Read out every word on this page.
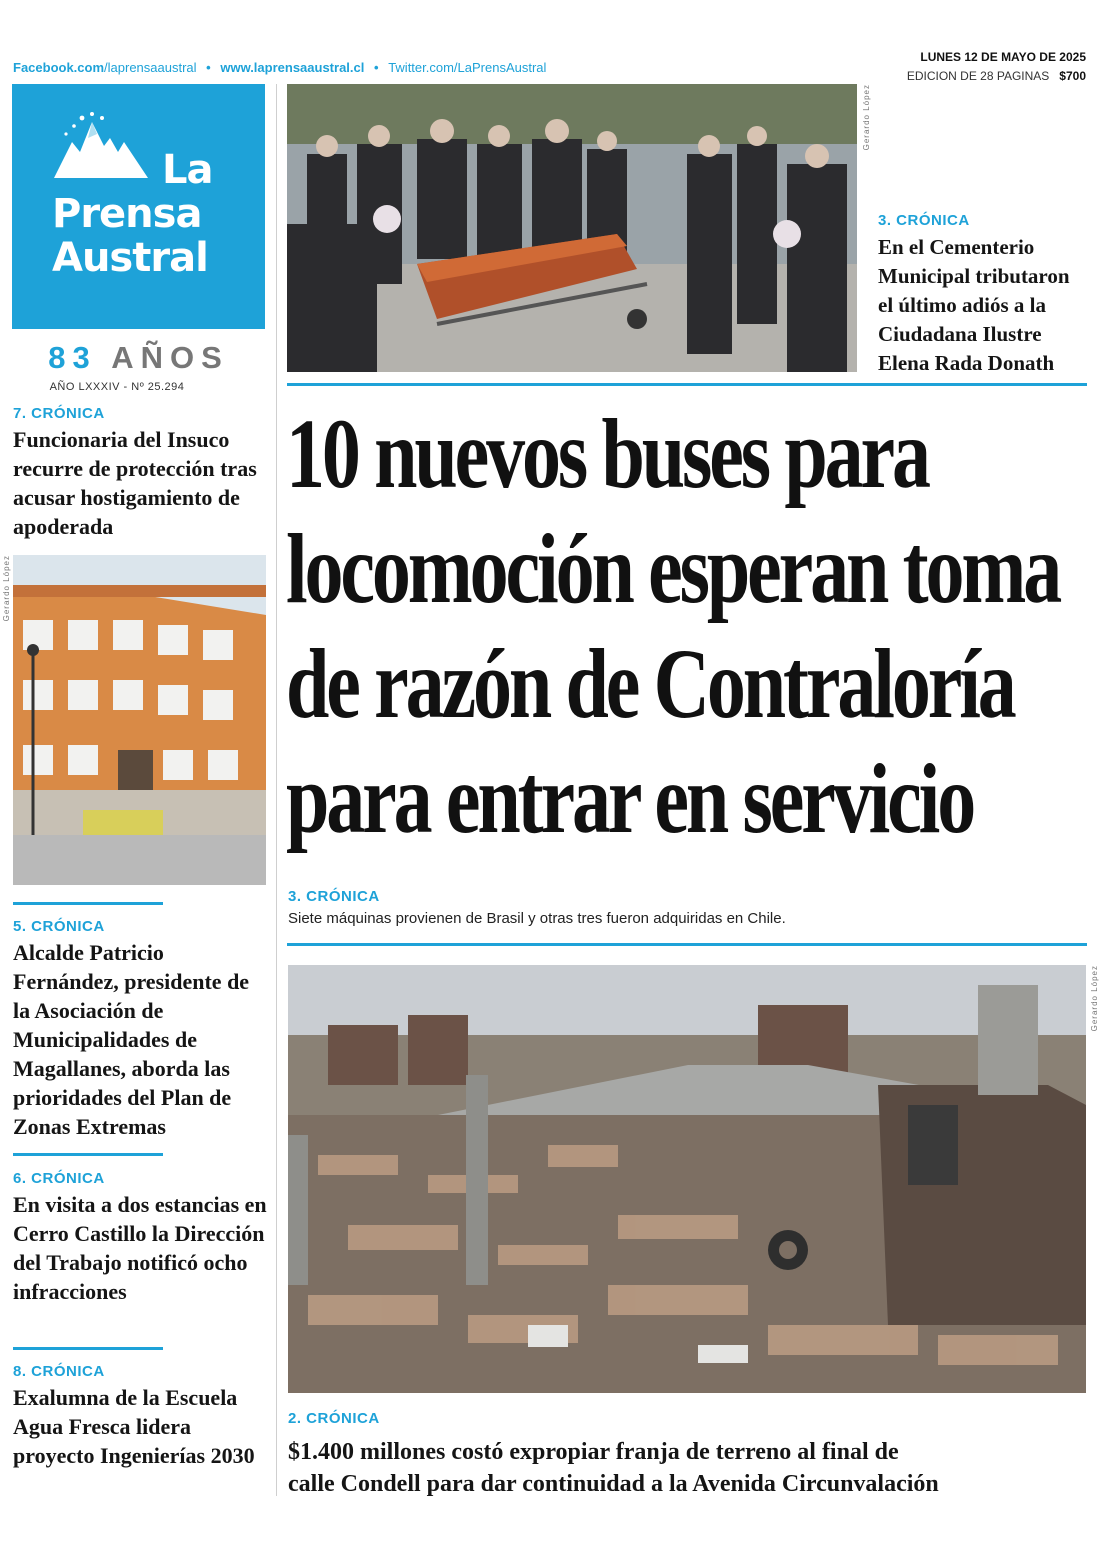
Facebook.com/laprensaaustral • www.laprensaaustral.cl • Twitter.com/LaPrensAustral
LUNES 12 DE MAYO DE 2025
EDICION DE 28 PAGINAS $700
La
Prensa
Austral
83 AÑOS
AÑO LXXXIV - Nº 25.294
7. CRÓNICA
Funcionaria del Insuco recurre de protección tras acusar hostigamiento de apoderada
Gerardo López
5. CRÓNICA
Alcalde Patricio Fernández, presidente de la Asociación de Municipalidades de Magallanes, aborda las prioridades del Plan de Zonas Extremas
6. CRÓNICA
En visita a dos estancias en Cerro Castillo la Dirección del Trabajo notificó ocho infracciones
8. CRÓNICA
Exalumna de la Escuela Agua Fresca lidera proyecto Ingenierías 2030
Gerardo López
3. CRÓNICA
En el Cementerio Municipal tributaron el último adiós a la Ciudadana Ilustre Elena Rada Donath
10 nuevos buses para
locomoción esperan toma
de razón de Contraloría
para entrar en servicio
3. CRÓNICA
Siete máquinas provienen de Brasil y otras tres fueron adquiridas en Chile.
Gerardo López
2. CRÓNICA
$1.400 millones costó expropiar franja de terreno al final de
calle Condell para dar continuidad a la Avenida Circunvalación
